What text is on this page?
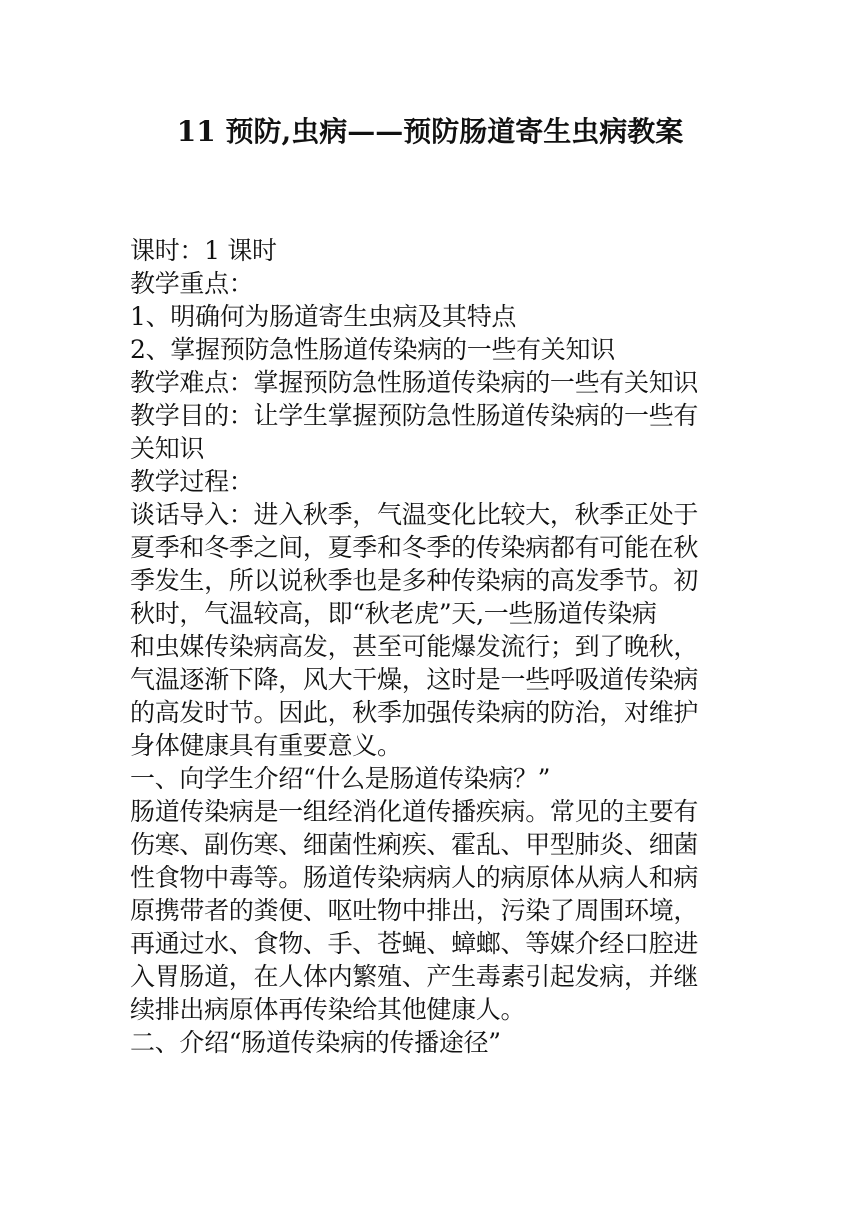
11 预防,虫病——预防肠道寄生虫病教案

课时：1 课时

教学重点：

1、明确何为肠道寄生虫病及其特点

2、掌握预防急性肠道传染病的一些有关知识

教学难点：掌握预防急性肠道传染病的一些有关知识

教学目的：让学生掌握预防急性肠道传染病的一些有

关知识

教学过程：

谈话导入：进入秋季，气温变化比较大，秋季正处于

夏季和冬季之间，夏季和冬季的传染病都有可能在秋

季发生，所以说秋季也是多种传染病的高发季节。初

秋时，气温较高，即“秋老虎”天,一些肠道传染病

和虫媒传染病高发，甚至可能爆发流行；到了晚秋，

气温逐渐下降，风大干燥，这时是一些呼吸道传染病

的高发时节。因此，秋季加强传染病的防治，对维护

身体健康具有重要意义。

一、向学生介绍“什么是肠道传染病？”

肠道传染病是一组经消化道传播疾病。常见的主要有

伤寒、副伤寒、细菌性痢疾、霍乱、甲型肺炎、细菌

性食物中毒等。肠道传染病病人的病原体从病人和病

原携带者的粪便、呕吐物中排出，污染了周围环境，

再通过水、食物、手、苍蝇、蟑螂、等媒介经口腔进

入胃肠道，在人体内繁殖、产生毒素引起发病，并继

续排出病原体再传染给其他健康人。

二、介绍“肠道传染病的传播途径”
